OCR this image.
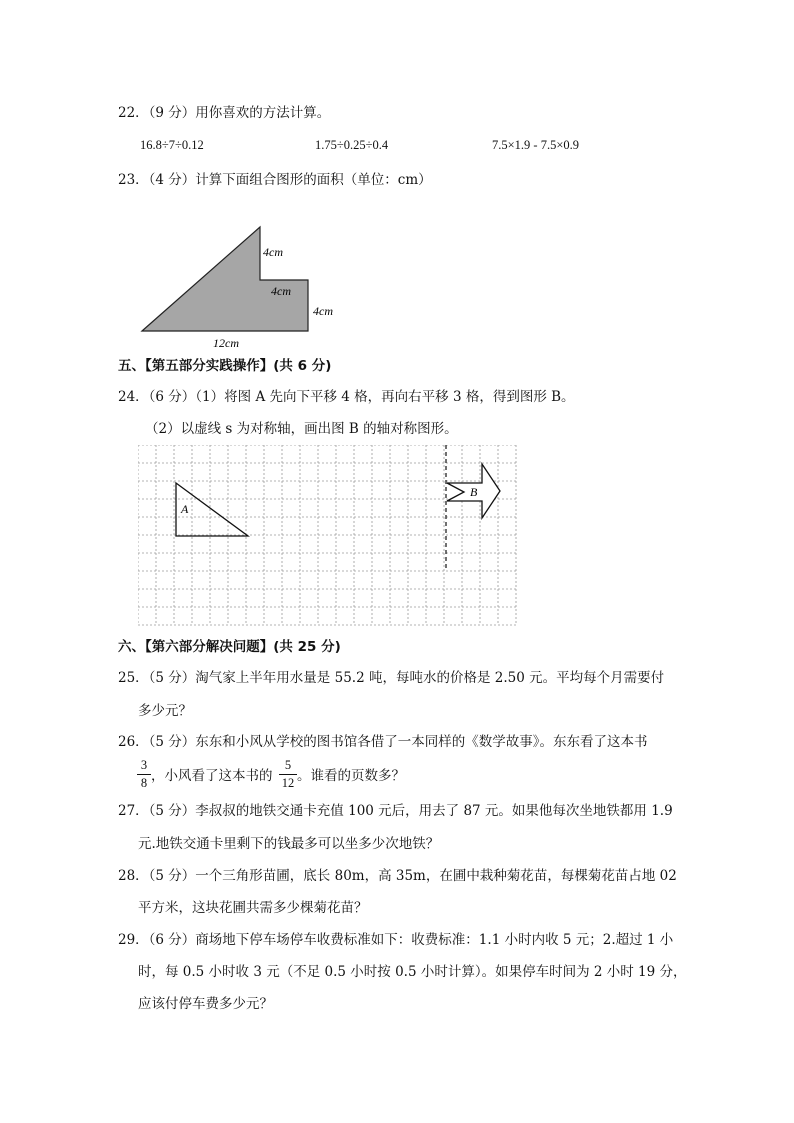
22．（9 分）用你喜欢的方法计算。
16.8÷7÷0.12	1.75÷0.25÷0.4	7.5×1.9 - 7.5×0.9
23．（4 分）计算下面组合图形的面积（单位：cm）
4cm
4cm
4cm
12cm
五、【第五部分实践操作】(共 6 分)
24．（6 分）（1）将图 A 先向下平移 4 格，再向右平移 3 格，得到图形 B。
（2）以虚线 s 为对称轴，画出图 B 的轴对称图形。
A
B
六、【第六部分解决问题】(共 25 分)
25．（5 分）淘气家上半年用水量是 55.2 吨，每吨水的价格是 2.50 元。平均每个月需要付
多少元？
26．（5 分）东东和小风从学校的图书馆各借了一本同样的《数学故事》。东东看了这本书
3
8 ，小风看了这本书的
5
12 。谁看的页数多？
27．（5 分）李叔叔的地铁交通卡充值 100 元后，用去了 87 元。如果他每次坐地铁都用 1.9
元.地铁交通卡里剩下的钱最多可以坐多少次地铁？
28．（5 分）一个三角形苗圃，底长 80m，高 35m，在圃中栽种菊花苗，每棵菊花苗占地 02
平方米，这块花圃共需多少棵菊花苗？
29．（6 分）商场地下停车场停车收费标准如下：收费标准：1.1 小时内收 5 元；2.超过 1 小
时，每 0.5 小时收 3 元（不足 0.5 小时按 0.5 小时计算）。如果停车时间为 2 小时 19 分，
应该付停车费多少元？
